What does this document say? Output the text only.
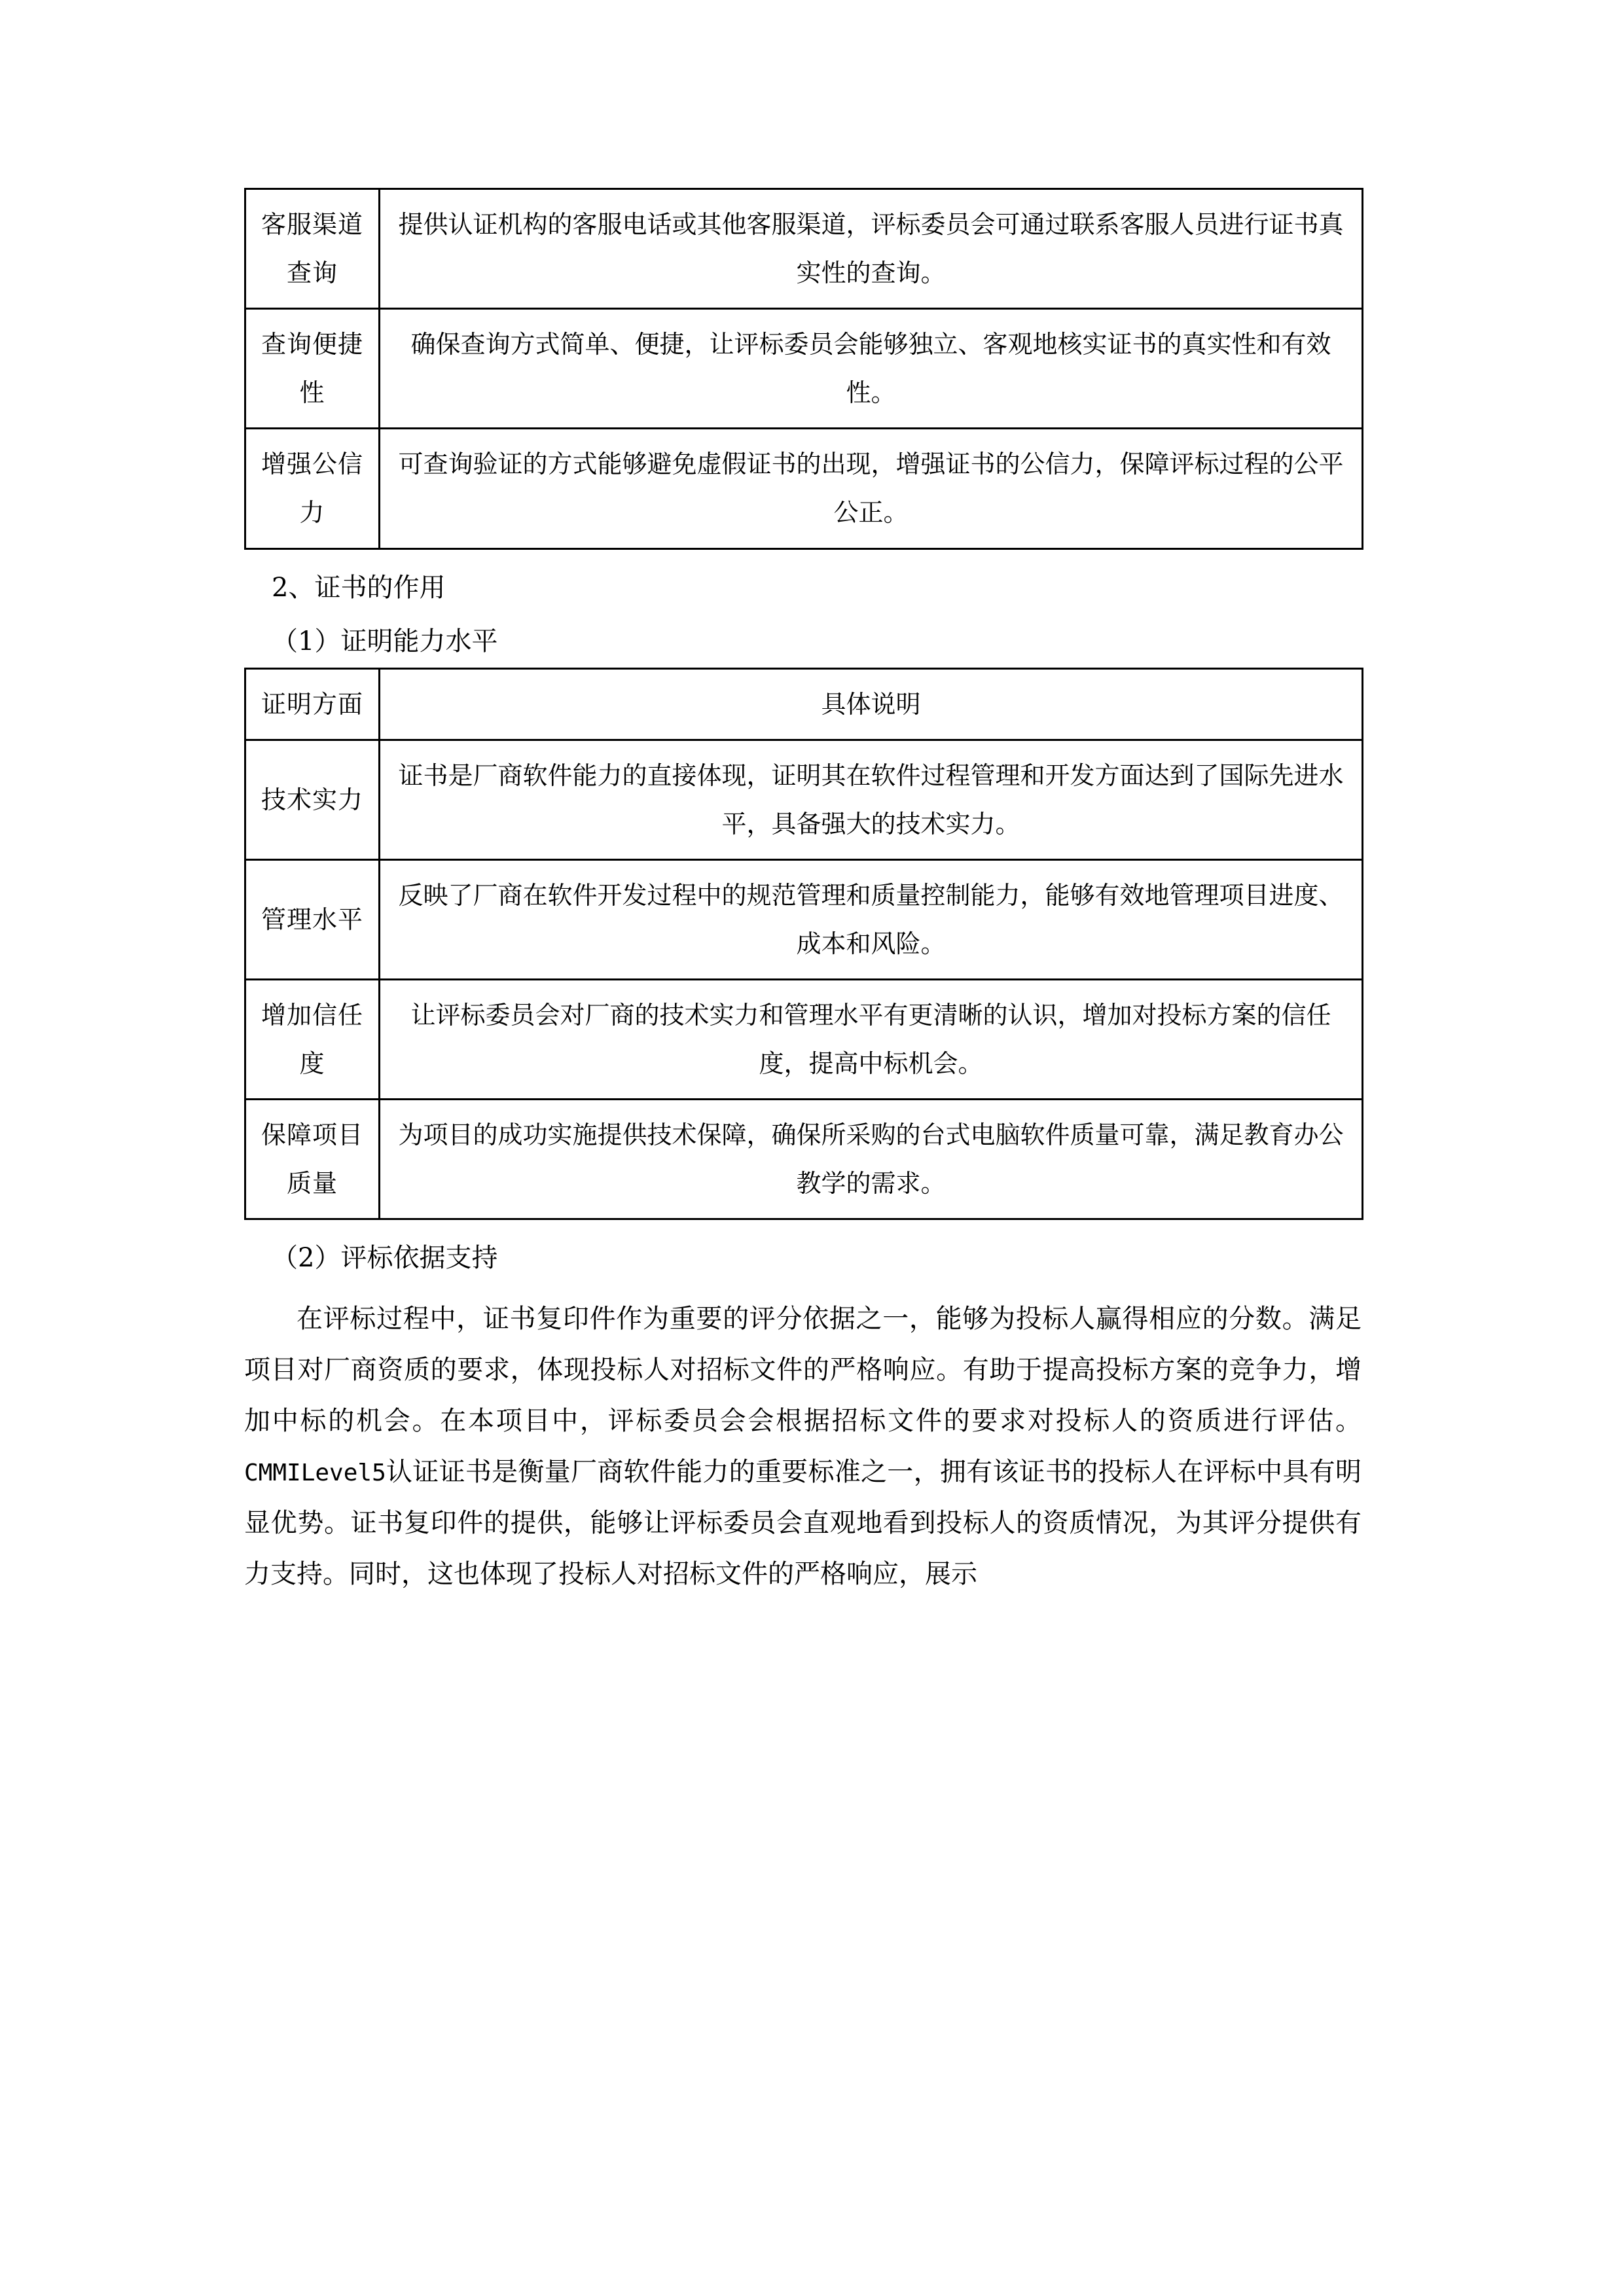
客服渠道查询	提供认证机构的客服电话或其他客服渠道，评标委员会可通过联系客服人员进行证书真实性的查询。
查询便捷性	确保查询方式简单、便捷，让评标委员会能够独立、客观地核实证书的真实性和有效性。
增强公信力	可查询验证的方式能够避免虚假证书的出现，增强证书的公信力，保障评标过程的公平公正。
2、证书的作用
（1）证明能力水平
证明方面	具体说明
技术实力	证书是厂商软件能力的直接体现，证明其在软件过程管理和开发方面达到了国际先进水平，具备强大的技术实力。
管理水平	反映了厂商在软件开发过程中的规范管理和质量控制能力，能够有效地管理项目进度、成本和风险。
增加信任度	让评标委员会对厂商的技术实力和管理水平有更清晰的认识，增加对投标方案的信任度，提高中标机会。
保障项目质量	为项目的成功实施提供技术保障，确保所采购的台式电脑软件质量可靠，满足教育办公教学的需求。
（2）评标依据支持

在评标过程中，证书复印件作为重要的评分依据之一，能够为投标人赢得相应的分数。满足项目对厂商资质的要求，体现投标人对招标文件的严格响应。有助于提高投标方案的竞争力，增加中标的机会。在本项目中，评标委员会会根据招标文件的要求对投标人的资质进行评估。CMMILevel5认证证书是衡量厂商软件能力的重要标准之一，拥有该证书的投标人在评标中具有明显优势。证书复印件的提供，能够让评标委员会直观地看到投标人的资质情况，为其评分提供有力支持。同时，这也体现了投标人对招标文件的严格响应，展示
